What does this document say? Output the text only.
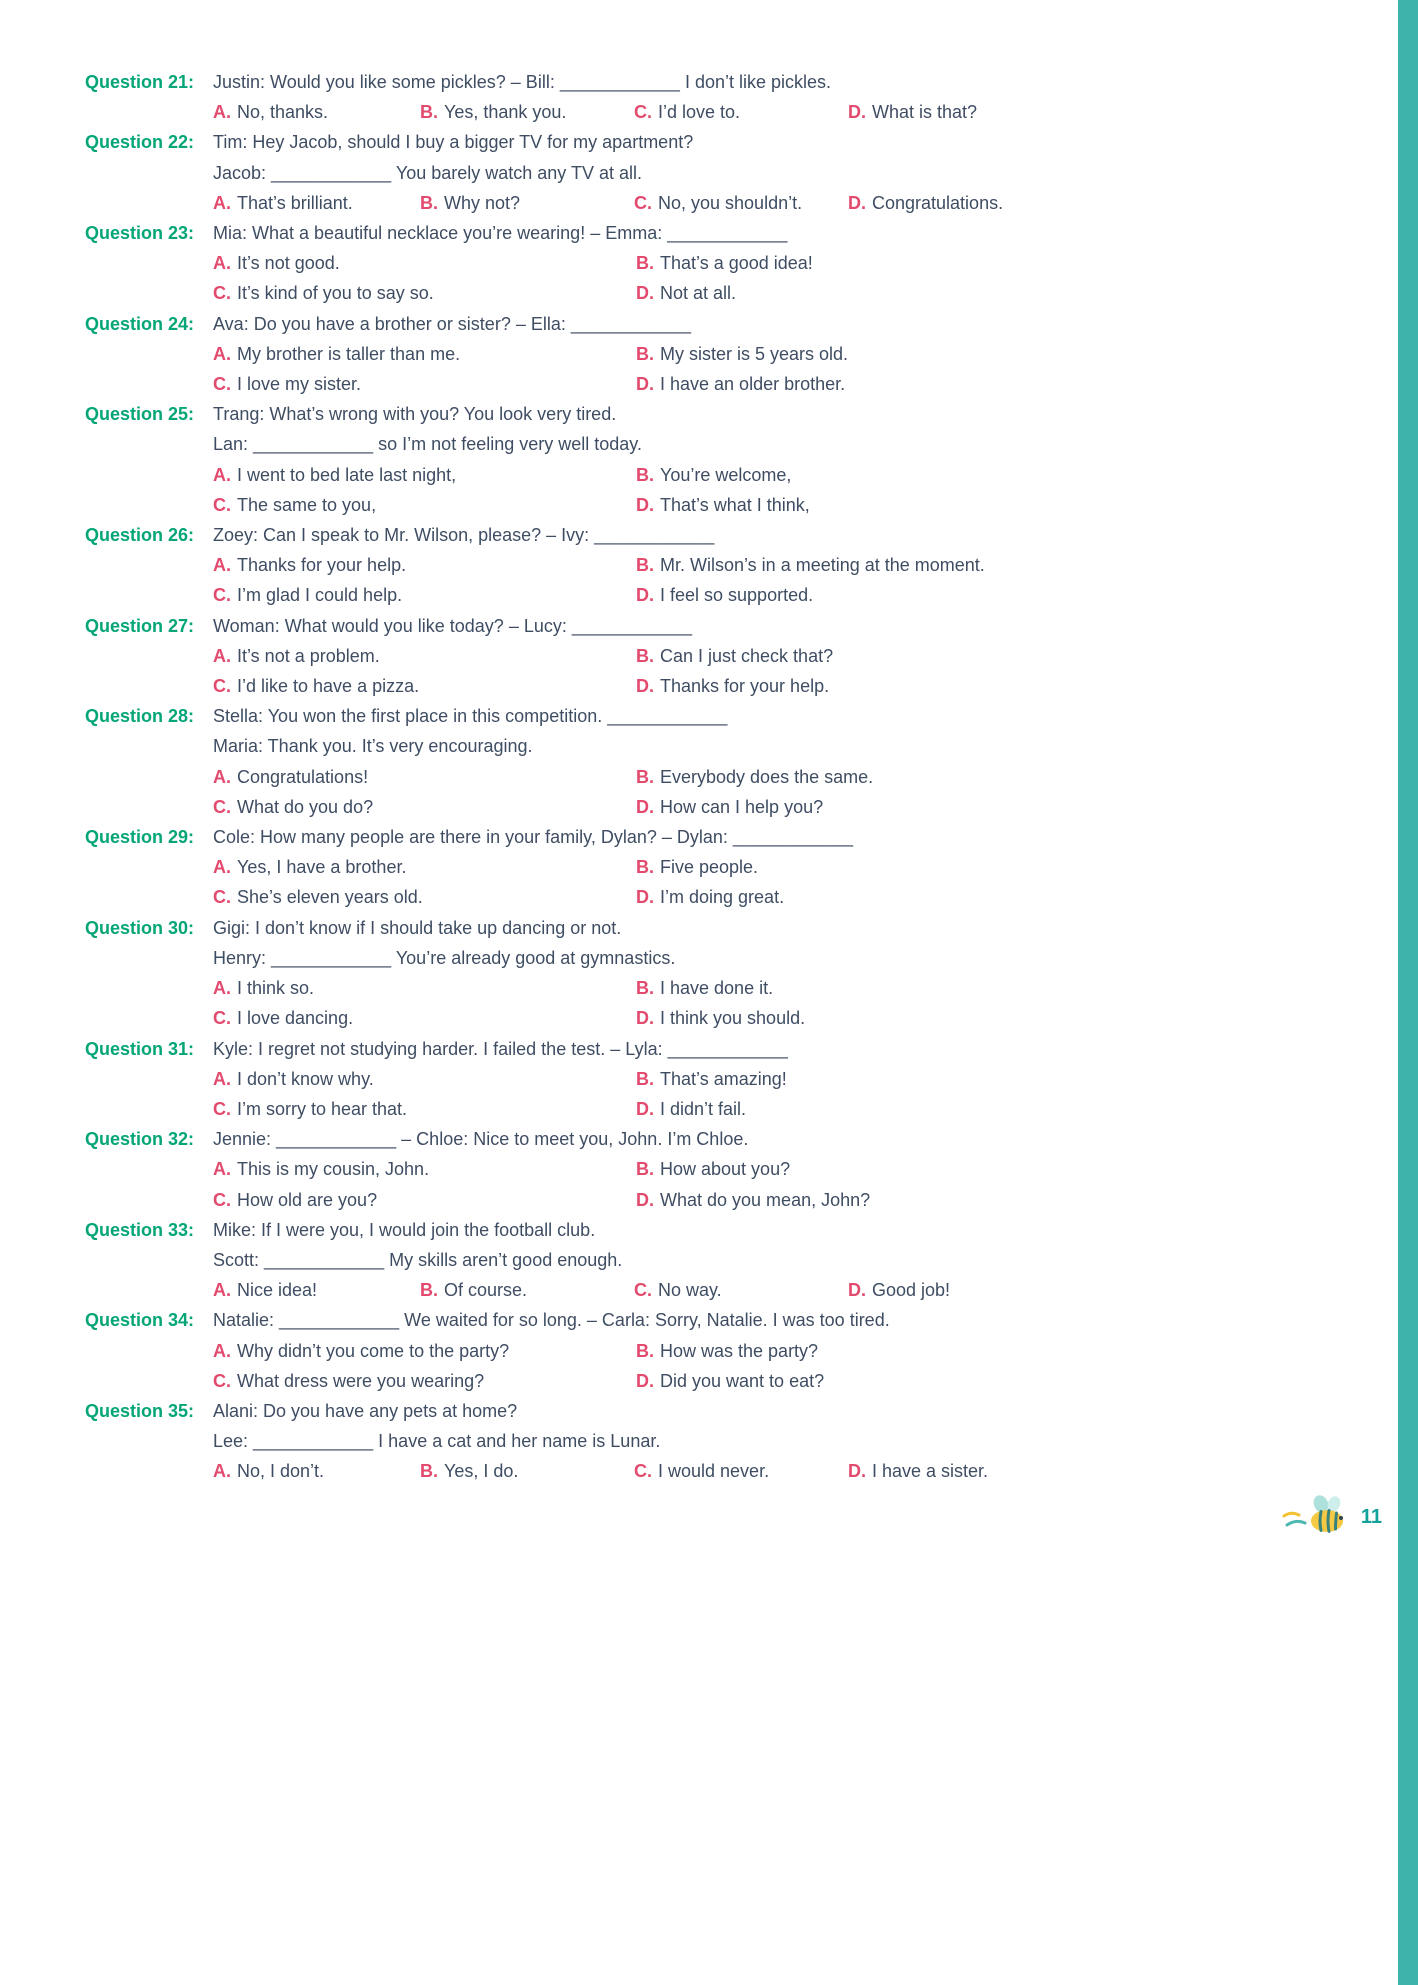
Question 21:	Justin: Would you like some pickles? – Bill: ____________ I don’t like pickles.
A. No, thanks.	B. Yes, thank you.	C. I’d love to.	D. What is that?
Question 22:	Tim: Hey Jacob, should I buy a bigger TV for my apartment?
Jacob: ____________ You barely watch any TV at all.
A. That’s brilliant.	B. Why not?	C. No, you shouldn’t.	D. Congratulations.
Question 23:	Mia: What a beautiful necklace you’re wearing! – Emma: ____________
A. It’s not good.	B. That’s a good idea!
C. It’s kind of you to say so.	D. Not at all.
Question 24:	Ava: Do you have a brother or sister? – Ella: ____________
A. My brother is taller than me.	B. My sister is 5 years old.
C. I love my sister.	D. I have an older brother.
Question 25:	Trang: What’s wrong with you? You look very tired.
Lan: ____________ so I’m not feeling very well today.
A. I went to bed late last night,	B. You’re welcome,
C. The same to you,	D. That’s what I think,
Question 26:	Zoey: Can I speak to Mr. Wilson, please? – Ivy: ____________
A. Thanks for your help.	B. Mr. Wilson’s in a meeting at the moment.
C. I’m glad I could help.	D. I feel so supported.
Question 27:	Woman: What would you like today? – Lucy: ____________
A. It’s not a problem.	B. Can I just check that?
C. I’d like to have a pizza.	D. Thanks for your help.
Question 28:	Stella: You won the first place in this competition. ____________
Maria: Thank you. It’s very encouraging.
A. Congratulations!	B. Everybody does the same.
C. What do you do?	D. How can I help you?
Question 29:	Cole: How many people are there in your family, Dylan? – Dylan: ____________
A. Yes, I have a brother.	B. Five people.
C. She’s eleven years old.	D. I’m doing great.
Question 30:	Gigi: I don’t know if I should take up dancing or not.
Henry: ____________ You’re already good at gymnastics.
A. I think so.	B. I have done it.
C. I love dancing.	D. I think you should.
Question 31:	Kyle: I regret not studying harder. I failed the test. – Lyla: ____________
A. I don’t know why.	B. That’s amazing!
C. I’m sorry to hear that.	D. I didn’t fail.
Question 32:	Jennie: ____________ – Chloe: Nice to meet you, John. I’m Chloe.
A. This is my cousin, John.	B. How about you?
C. How old are you?	D. What do you mean, John?
Question 33:	Mike: If I were you, I would join the football club.
Scott: ____________ My skills aren’t good enough.
A. Nice idea!	B. Of course.	C. No way.	D. Good job!
Question 34:	Natalie: ____________ We waited for so long. – Carla: Sorry, Natalie. I was too tired.
A. Why didn’t you come to the party?	B. How was the party?
C. What dress were you wearing?	D. Did you want to eat?
Question 35:	Alani: Do you have any pets at home?
Lee: ____________ I have a cat and her name is Lunar.
A. No, I don’t.	B. Yes, I do.	C. I would never.	D. I have a sister.
11
